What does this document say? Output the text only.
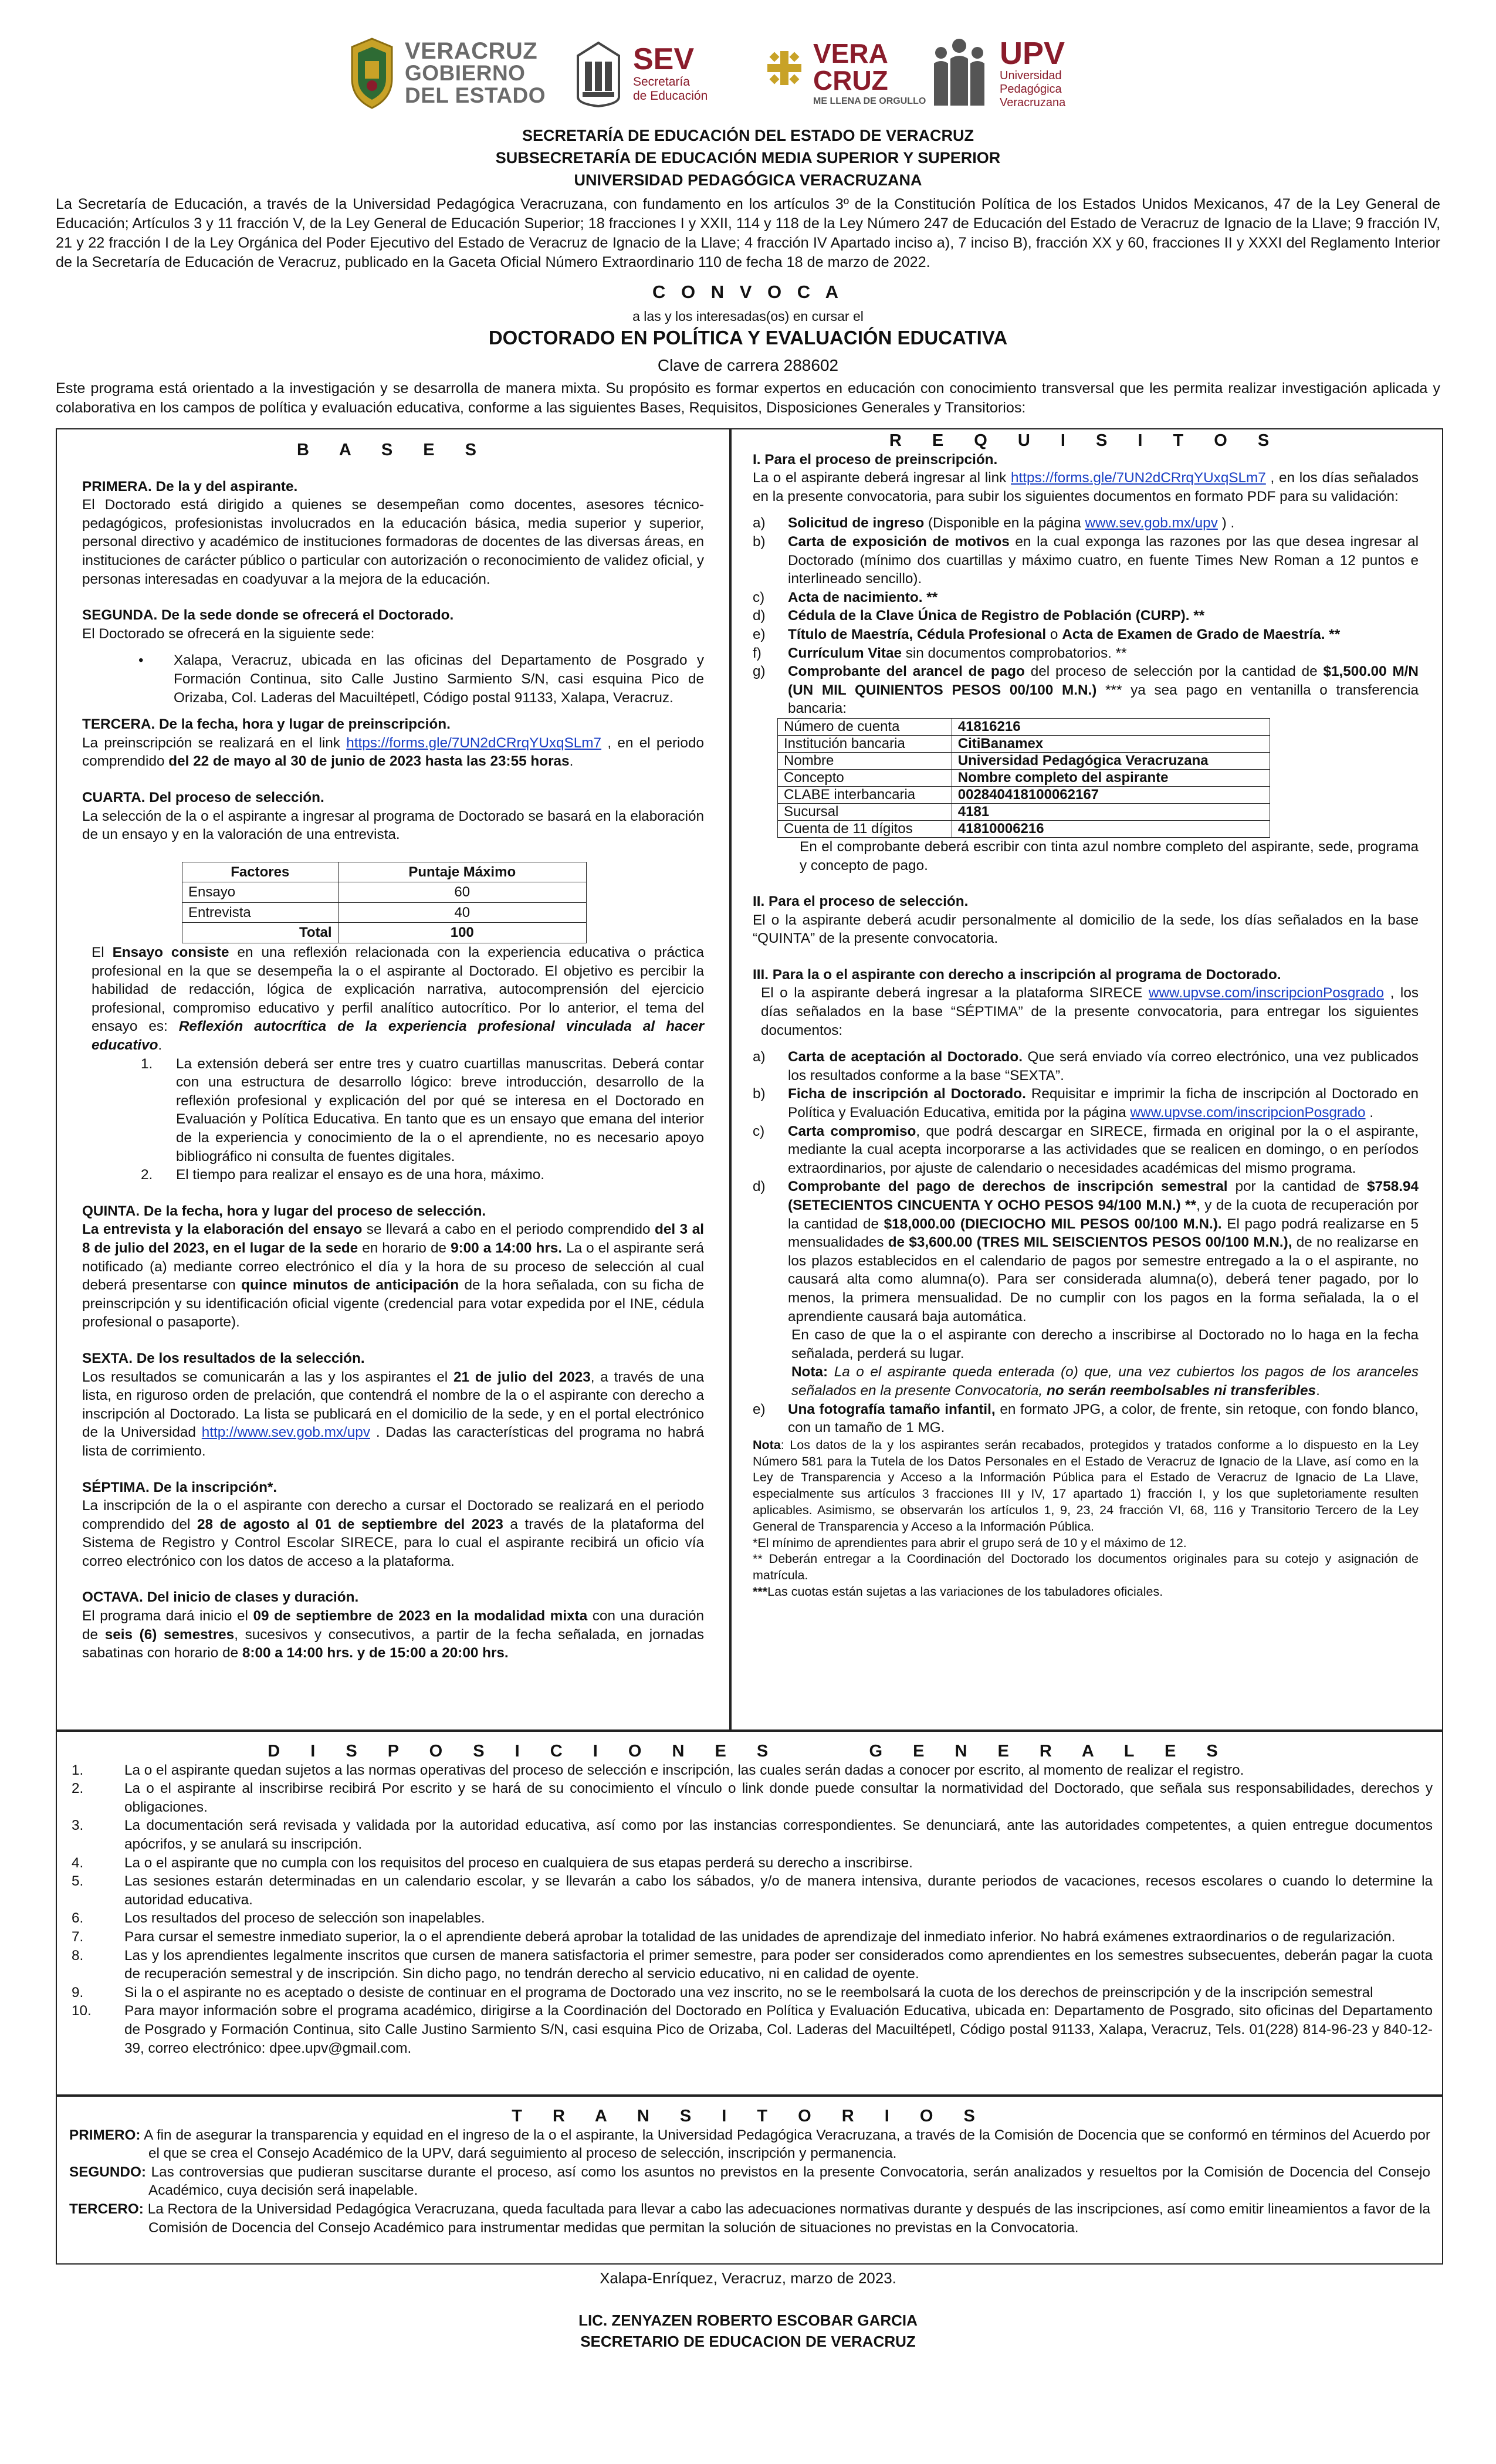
VERACRUZ
GOBIERNO
DEL ESTADO
SEV
Secretaría
de Educación
VERA
CRUZ
ME LLENA DE ORGULLO
UPV
Universidad
Pedagógica
Veracruzana
SECRETARÍA DE EDUCACIÓN DEL ESTADO DE VERACRUZ
SUBSECRETARÍA DE EDUCACIÓN MEDIA SUPERIOR Y SUPERIOR
UNIVERSIDAD PEDAGÓGICA VERACRUZANA
La Secretaría de Educación, a través de la Universidad Pedagógica Veracruzana, con fundamento en los artículos 3º de la Constitución Política de los Estados Unidos Mexicanos, 47 de la Ley General de Educación; Artículos 3 y 11 fracción V, de la Ley General de Educación Superior; 18 fracciones I y XXII, 114 y 118 de la Ley Número 247 de Educación del Estado de Veracruz de Ignacio de la Llave; 9 fracción IV, 21 y 22 fracción I de la Ley Orgánica del Poder Ejecutivo del Estado de Veracruz de Ignacio de la Llave; 4 fracción IV Apartado inciso a), 7 inciso B), fracción XX y 60, fracciones II y XXXI del Reglamento Interior de la Secretaría de Educación de Veracruz, publicado en la Gaceta Oficial Número Extraordinario 110 de fecha 18 de marzo de 2022.
C O N V O C A
a las y los interesadas(os) en cursar el
DOCTORADO EN POLÍTICA Y EVALUACIÓN EDUCATIVA
Clave de carrera 288602
Este programa está orientado a la investigación y se desarrolla de manera mixta. Su propósito es formar expertos en educación con conocimiento transversal que les permita realizar investigación aplicada y colaborativa en los campos de política y evaluación educativa, conforme a las siguientes Bases, Requisitos, Disposiciones Generales y Transitorios:
B A S E S

PRIMERA. De la y del aspirante.

El Doctorado está dirigido a quienes se desempeñan como docentes, asesores técnico-pedagógicos, profesionistas involucrados en la educación básica, media superior y superior, personal directivo y académico de instituciones formadoras de docentes de las diversas áreas, en instituciones de carácter público o particular con autorización o reconocimiento de validez oficial, y personas interesadas en coadyuvar a la mejora de la educación.

SEGUNDA. De la sede donde se ofrecerá el Doctorado.

El Doctorado se ofrecerá en la siguiente sede:

•	Xalapa, Veracruz, ubicada en las oficinas del Departamento de Posgrado y Formación Continua, sito Calle Justino Sarmiento S/N, casi esquina Pico de Orizaba, Col. Laderas del Macuiltépetl, Código postal 91133, Xalapa, Veracruz.

TERCERA. De la fecha, hora y lugar de preinscripción.

La preinscripción se realizará en el link https://forms.gle/7UN2dCRrqYUxqSLm7 , en el periodo comprendido del 22 de mayo al 30 de junio de 2023 hasta las 23:55 horas.

CUARTA. Del proceso de selección.

La selección de la o el aspirante a ingresar al programa de Doctorado se basará en la elaboración de un ensayo y en la valoración de una entrevista.

Factores	Puntaje Máximo
Ensayo	60
Entrevista	40
Total	100

El Ensayo consiste en una reflexión relacionada con la experiencia educativa o práctica profesional en la que se desempeña la o el aspirante al Doctorado. El objetivo es percibir la habilidad de redacción, lógica de explicación narrativa, autocomprensión del ejercicio profesional, compromiso educativo y perfil analítico autocrítico. Por lo anterior, el tema del ensayo es: Reflexión autocrítica de la experiencia profesional vinculada al hacer educativo.

1.	La extensión deberá ser entre tres y cuatro cuartillas manuscritas. Deberá contar con una estructura de desarrollo lógico: breve introducción, desarrollo de la reflexión profesional y explicación del por qué se interesa en el Doctorado en Evaluación y Política Educativa. En tanto que es un ensayo que emana del interior de la experiencia y conocimiento de la o el aprendiente, no es necesario apoyo bibliográfico ni consulta de fuentes digitales.
2.	El tiempo para realizar el ensayo es de una hora, máximo.

QUINTA. De la fecha, hora y lugar del proceso de selección.

La entrevista y la elaboración del ensayo se llevará a cabo en el periodo comprendido del 3 al 8 de julio del 2023, en el lugar de la sede en horario de 9:00 a 14:00 hrs. La o el aspirante será notificado (a) mediante correo electrónico el día y la hora de su proceso de selección al cual deberá presentarse con quince minutos de anticipación de la hora señalada, con su ficha de preinscripción y su identificación oficial vigente (credencial para votar expedida por el INE, cédula profesional o pasaporte).

SEXTA. De los resultados de la selección.

Los resultados se comunicarán a las y los aspirantes el 21 de julio del 2023, a través de una lista, en riguroso orden de prelación, que contendrá el nombre de la o el aspirante con derecho a inscripción al Doctorado. La lista se publicará en el domicilio de la sede, y en el portal electrónico de la Universidad http://www.sev.gob.mx/upv . Dadas las características del programa no habrá lista de corrimiento.

SÉPTIMA. De la inscripción*.

La inscripción de la o el aspirante con derecho a cursar el Doctorado se realizará en el periodo comprendido del 28 de agosto al 01 de septiembre del 2023 a través de la plataforma del Sistema de Registro y Control Escolar SIRECE, para lo cual el aspirante recibirá un oficio vía correo electrónico con los datos de acceso a la plataforma.

OCTAVA. Del inicio de clases y duración.

El programa dará inicio el 09 de septiembre de 2023 en la modalidad mixta con una duración de seis (6) semestres, sucesivos y consecutivos, a partir de la fecha señalada, en jornadas sabatinas con horario de 8:00 a 14:00 hrs. y de 15:00 a 20:00 hrs.

R E Q U I S I T O S

I. Para el proceso de preinscripción.

La o el aspirante deberá ingresar al link https://forms.gle/7UN2dCRrqYUxqSLm7 , en los días señalados en la presente convocatoria, para subir los siguientes documentos en formato PDF para su validación:

a)	Solicitud de ingreso (Disponible en la página www.sev.gob.mx/upv ) .
b)	Carta de exposición de motivos en la cual exponga las razones por las que desea ingresar al Doctorado (mínimo dos cuartillas y máximo cuatro, en fuente Times New Roman a 12 puntos e interlineado sencillo).
c)	Acta de nacimiento. **
d)	Cédula de la Clave Única de Registro de Población (CURP). **
e)	Título de Maestría, Cédula Profesional o Acta de Examen de Grado de Maestría. **
f)	Currículum Vitae sin documentos comprobatorios. **
g)	Comprobante del arancel de pago del proceso de selección por la cantidad de $1,500.00 M/N (UN MIL QUINIENTOS PESOS 00/100 M.N.) *** ya sea pago en ventanilla o transferencia bancaria:
Número de cuenta	41816216
Institución bancaria	CitiBanamex
Nombre	Universidad Pedagógica Veracruzana
Concepto	Nombre completo del aspirante
CLABE interbancaria	002840418100062167
Sucursal	4181
Cuenta de 11 dígitos	41810006216

En el comprobante deberá escribir con tinta azul nombre completo del aspirante, sede, programa y concepto de pago.

II. Para el proceso de selección.

El o la aspirante deberá acudir personalmente al domicilio de la sede, los días señalados en la base “QUINTA” de la presente convocatoria.

III. Para la o el aspirante con derecho a inscripción al programa de Doctorado.

El o la aspirante deberá ingresar a la plataforma SIRECE www.upvse.com/inscripcionPosgrado , los días señalados en la base “SÉPTIMA” de la presente convocatoria, para entregar los siguientes documentos:

a)	Carta de aceptación al Doctorado. Que será enviado vía correo electrónico, una vez publicados los resultados conforme a la base “SEXTA”.
b)	Ficha de inscripción al Doctorado. Requisitar e imprimir la ficha de inscripción al Doctorado en Política y Evaluación Educativa, emitida por la página www.upvse.com/inscripcionPosgrado .
c)	Carta compromiso, que podrá descargar en SIRECE, firmada en original por la o el aspirante, mediante la cual acepta incorporarse a las actividades que se realicen en domingo, o en períodos extraordinarios, por ajuste de calendario o necesidades académicas del mismo programa.
d)	Comprobante del pago de derechos de inscripción semestral por la cantidad de $758.94 (SETECIENTOS CINCUENTA Y OCHO PESOS 94/100 M.N.) **, y de la cuota de recuperación por la cantidad de $18,000.00 (DIECIOCHO MIL PESOS 00/100 M.N.). El pago podrá realizarse en 5 mensualidades de $3,600.00 (TRES MIL SEISCIENTOS PESOS 00/100 M.N.), de no realizarse en los plazos establecidos en el calendario de pagos por semestre entregado a la o el aspirante, no causará alta como alumna(o). Para ser considerada alumna(o), deberá tener pagado, por lo menos, la primera mensualidad. De no cumplir con los pagos en la forma señalada, la o el aprendiente causará baja automática.

En caso de que la o el aspirante con derecho a inscribirse al Doctorado no lo haga en la fecha señalada, perderá su lugar.

Nota: La o el aspirante queda enterada (o) que, una vez cubiertos los pagos de los aranceles señalados en la presente Convocatoria, no serán reembolsables ni transferibles.

e)	Una fotografía tamaño infantil, en formato JPG, a color, de frente, sin retoque, con fondo blanco, con un tamaño de 1 MG.

Nota: Los datos de la y los aspirantes serán recabados, protegidos y tratados conforme a lo dispuesto en la Ley Número 581 para la Tutela de los Datos Personales en el Estado de Veracruz de Ignacio de la Llave, así como en la Ley de Transparencia y Acceso a la Información Pública para el Estado de Veracruz de Ignacio de La Llave, especialmente sus artículos 3 fracciones III y IV, 17 apartado 1) fracción I, y los que supletoriamente resulten aplicables. Asimismo, se observarán los artículos 1, 9, 23, 24 fracción VI, 68, 116 y Transitorio Tercero de la Ley General de Transparencia y Acceso a la Información Pública.

*El mínimo de aprendientes para abrir el grupo será de 10 y el máximo de 12.

** Deberán entregar a la Coordinación del Doctorado los documentos originales para su cotejo y asignación de matrícula.

***Las cuotas están sujetas a las variaciones de los tabuladores oficiales.

D I S P O S I C I O N E S     G E N E R A L E S
1.	La o el aspirante quedan sujetos a las normas operativas del proceso de selección e inscripción, las cuales serán dadas a conocer por escrito, al momento de realizar el registro.
2.	La o el aspirante al inscribirse recibirá Por escrito y se hará de su conocimiento el vínculo o link donde puede consultar la normatividad del Doctorado, que señala sus responsabilidades, derechos y obligaciones.
3.	La documentación será revisada y validada por la autoridad educativa, así como por las instancias correspondientes. Se denunciará, ante las autoridades competentes, a quien entregue documentos apócrifos, y se anulará su inscripción.
4.	La o el aspirante que no cumpla con los requisitos del proceso en cualquiera de sus etapas perderá su derecho a inscribirse.
5.	Las sesiones estarán determinadas en un calendario escolar, y se llevarán a cabo los sábados, y/o de manera intensiva, durante periodos de vacaciones, recesos escolares o cuando lo determine la autoridad educativa.
6.	Los resultados del proceso de selección son inapelables.
7.	Para cursar el semestre inmediato superior, la o el aprendiente deberá aprobar la totalidad de las unidades de aprendizaje del inmediato inferior. No habrá exámenes extraordinarios o de regularización.
8.	Las y los aprendientes legalmente inscritos que cursen de manera satisfactoria el primer semestre, para poder ser considerados como aprendientes en los semestres subsecuentes, deberán pagar la cuota de recuperación semestral y de inscripción. Sin dicho pago, no tendrán derecho al servicio educativo, ni en calidad de oyente.
9.	Si la o el aspirante no es aceptado o desiste de continuar en el programa de Doctorado una vez inscrito, no se le reembolsará la cuota de los derechos de preinscripción y de la inscripción semestral
10.	Para mayor información sobre el programa académico, dirigirse a la Coordinación del Doctorado en Política y Evaluación Educativa, ubicada en: Departamento de Posgrado, sito oficinas del Departamento de Posgrado y Formación Continua, sito Calle Justino Sarmiento S/N, casi esquina Pico de Orizaba, Col. Laderas del Macuiltépetl, Código postal 91133, Xalapa, Veracruz, Tels. 01(228) 814-96-23 y 840-12-39, correo electrónico: dpee.upv@gmail.com.
T R A N S I T O R I O S

PRIMERO: A fin de asegurar la transparencia y equidad en el ingreso de la o el aspirante, la Universidad Pedagógica Veracruzana, a través de la Comisión de Docencia que se conformó en términos del Acuerdo por el que se crea el Consejo Académico de la UPV, dará seguimiento al proceso de selección, inscripción y permanencia.

SEGUNDO: Las controversias que pudieran suscitarse durante el proceso, así como los asuntos no previstos en la presente Convocatoria, serán analizados y resueltos por la Comisión de Docencia del Consejo Académico, cuya decisión será inapelable.

TERCERO: La Rectora de la Universidad Pedagógica Veracruzana, queda facultada para llevar a cabo las adecuaciones normativas durante y después de las inscripciones, así como emitir lineamientos a favor de la Comisión de Docencia del Consejo Académico para instrumentar medidas que permitan la solución de situaciones no previstas en la Convocatoria.

Xalapa-Enríquez, Veracruz, marzo de 2023.
LIC. ZENYAZEN ROBERTO ESCOBAR GARCIA
SECRETARIO DE EDUCACION DE VERACRUZ
